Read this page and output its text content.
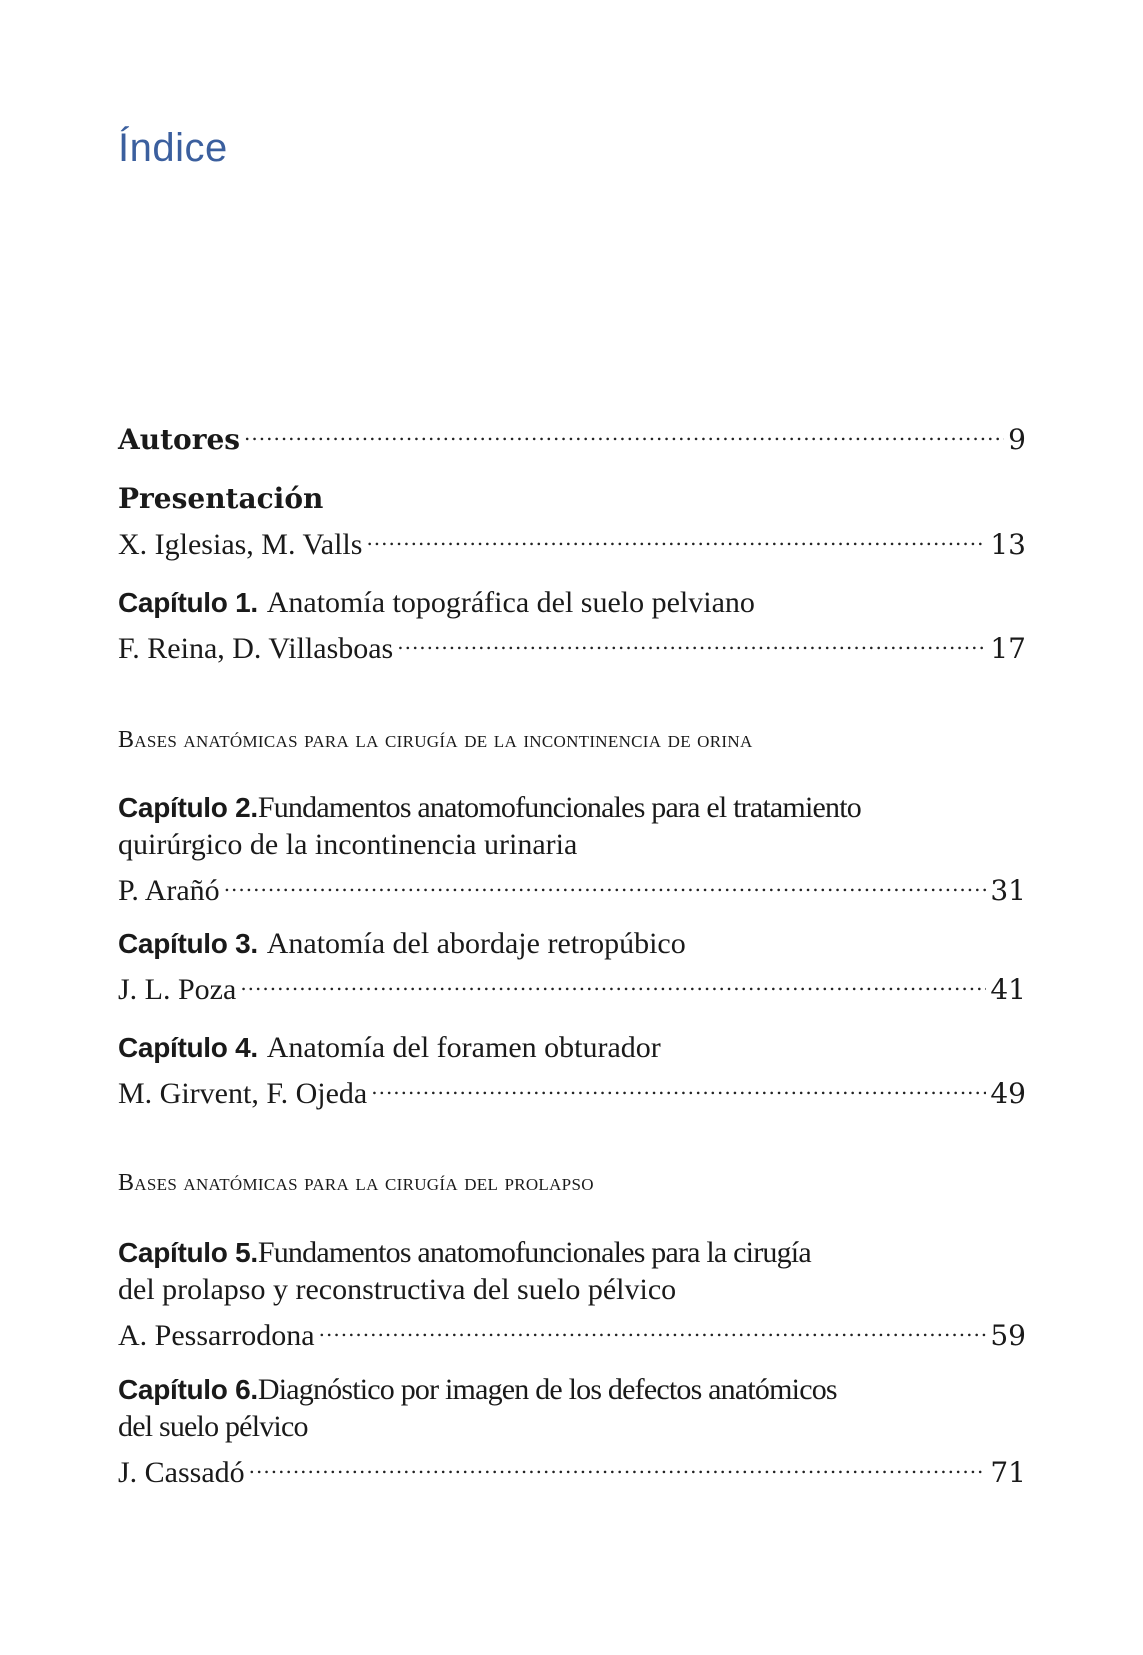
Índice
Autores .....	9
Presentación
X. Iglesias, M. Valls .....	13
Capítulo 1.
Anatomía topográfica del suelo pelviano
F. Reina, D. Villasboas .....	17

Bases anatómicas para la cirugía de la incontinencia de orina

Capítulo 2. Fundamentos anatomofuncionales para el tratamiento
quirúrgico de la incontinencia urinaria
P. Arañó .....	31
Capítulo 3.
Anatomía del abordaje retropúbico
J. L. Poza .....	41
Capítulo 4.
Anatomía del foramen obturador
M. Girvent, F. Ojeda .....	49

Bases anatómicas para la cirugía del prolapso

Capítulo 5. Fundamentos anatomofuncionales para la cirugía
del prolapso y reconstructiva del suelo pélvico
A. Pessarrodona .....	59
Capítulo 6. Diagnóstico por imagen de los defectos anatómicos
del suelo pélvico
J. Cassadó .....	71
